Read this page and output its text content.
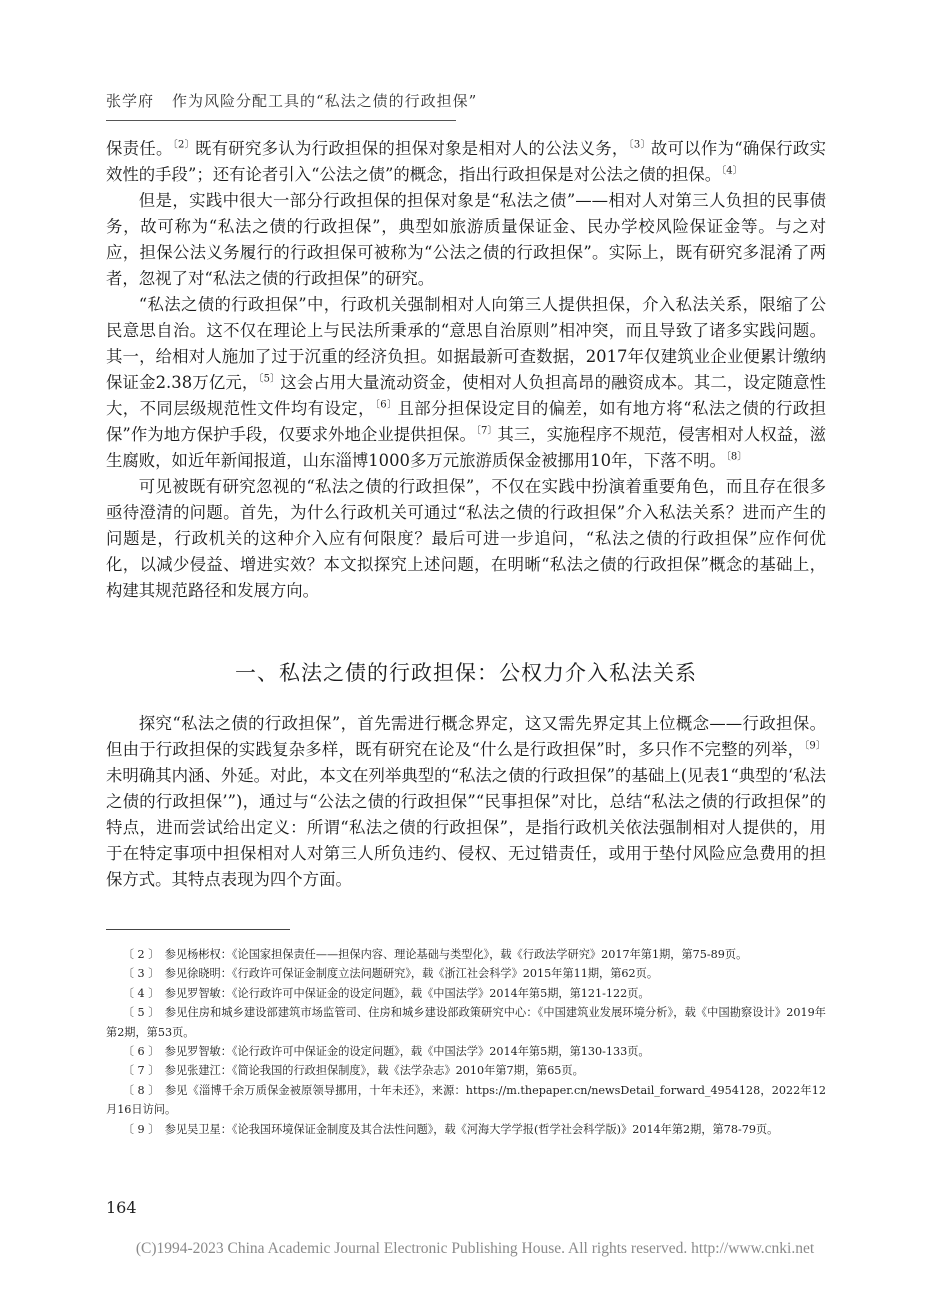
张学府 作为风险分配工具的“私法之债的行政担保”

保责任。$^{〔2〕}$既有研究多认为行政担保的担保对象是相对人的公法义务，$^{〔3〕}$故可以作为“确保行政实效性的手段”；还有论者引入“公法之债”的概念，指出行政担保是对公法之债的担保。$^{〔4〕}$

但是，实践中很大一部分行政担保的担保对象是“私法之债”——相对人对第三人负担的民事债务，故可称为“私法之债的行政担保”，典型如旅游质量保证金、民办学校风险保证金等。与之对应，担保公法义务履行的行政担保可被称为“公法之债的行政担保”。实际上，既有研究多混淆了两者，忽视了对“私法之债的行政担保”的研究。

“私法之债的行政担保”中，行政机关强制相对人向第三人提供担保，介入私法关系，限缩了公民意思自治。这不仅在理论上与民法所秉承的“意思自治原则”相冲突，而且导致了诸多实践问题。其一，给相对人施加了过于沉重的经济负担。如据最新可查数据，2017年仅建筑业企业便累计缴纳保证金2.38万亿元，$^{〔5〕}$这会占用大量流动资金，使相对人负担高昂的融资成本。其二，设定随意性大，不同层级规范性文件均有设定，$^{〔6〕}$且部分担保设定目的偏差，如有地方将“私法之债的行政担保”作为地方保护手段，仅要求外地企业提供担保。$^{〔7〕}$其三，实施程序不规范，侵害相对人权益，滋生腐败，如近年新闻报道，山东淄博1000多万元旅游质保金被挪用10年，下落不明。$^{〔8〕}$

可见被既有研究忽视的“私法之债的行政担保”，不仅在实践中扮演着重要角色，而且存在很多亟待澄清的问题。首先，为什么行政机关可通过“私法之债的行政担保”介入私法关系？进而产生的问题是，行政机关的这种介入应有何限度？最后可进一步追问，“私法之债的行政担保”应作何优化，以减少侵益、增进实效？本文拟探究上述问题，在明晰“私法之债的行政担保”概念的基础上，构建其规范路径和发展方向。

一、私法之债的行政担保：公权力介入私法关系

探究“私法之债的行政担保”，首先需进行概念界定，这又需先界定其上位概念——行政担保。但由于行政担保的实践复杂多样，既有研究在论及“什么是行政担保”时，多只作不完整的列举，$^{〔9〕}$未明确其内涵、外延。对此，本文在列举典型的“私法之债的行政担保”的基础上(见表1“典型的‘私法之债的行政担保’”)，通过与“公法之债的行政担保”“民事担保”对比，总结“私法之债的行政担保”的特点，进而尝试给出定义：所谓“私法之债的行政担保”，是指行政机关依法强制相对人提供的，用于在特定事项中担保相对人对第三人所负违约、侵权、无过错责任，或用于垫付风险应急费用的担保方式。其特点表现为四个方面。

〔 2 〕 参见杨彬权：《论国家担保责任——担保内容、理论基础与类型化》，载《行政法学研究》2017年第1期，第75-89页。

〔 3 〕 参见徐晓明：《行政许可保证金制度立法问题研究》，载《浙江社会科学》2015年第11期，第62页。

〔 4 〕 参见罗智敏：《论行政许可中保证金的设定问题》，载《中国法学》2014年第5期，第121-122页。

〔 5 〕 参见住房和城乡建设部建筑市场监管司、住房和城乡建设部政策研究中心：《中国建筑业发展环境分析》，载《中国勘察设计》2019年第2期，第53页。

〔 6 〕 参见罗智敏：《论行政许可中保证金的设定问题》，载《中国法学》2014年第5期，第130-133页。

〔 7 〕 参见张建江：《简论我国的行政担保制度》，载《法学杂志》2010年第7期，第65页。

〔 8 〕 参见《淄博千余万质保金被原领导挪用，十年未还》，来源：https://m.thepaper.cn/newsDetail_forward_4954128，2022年12月16日访问。

〔 9 〕 参见吴卫星：《论我国环境保证金制度及其合法性问题》，载《河海大学学报(哲学社会科学版)》2014年第2期，第78-79页。

164
(C)1994-2023 China Academic Journal Electronic Publishing House. All rights reserved. http://www.cnki.net
